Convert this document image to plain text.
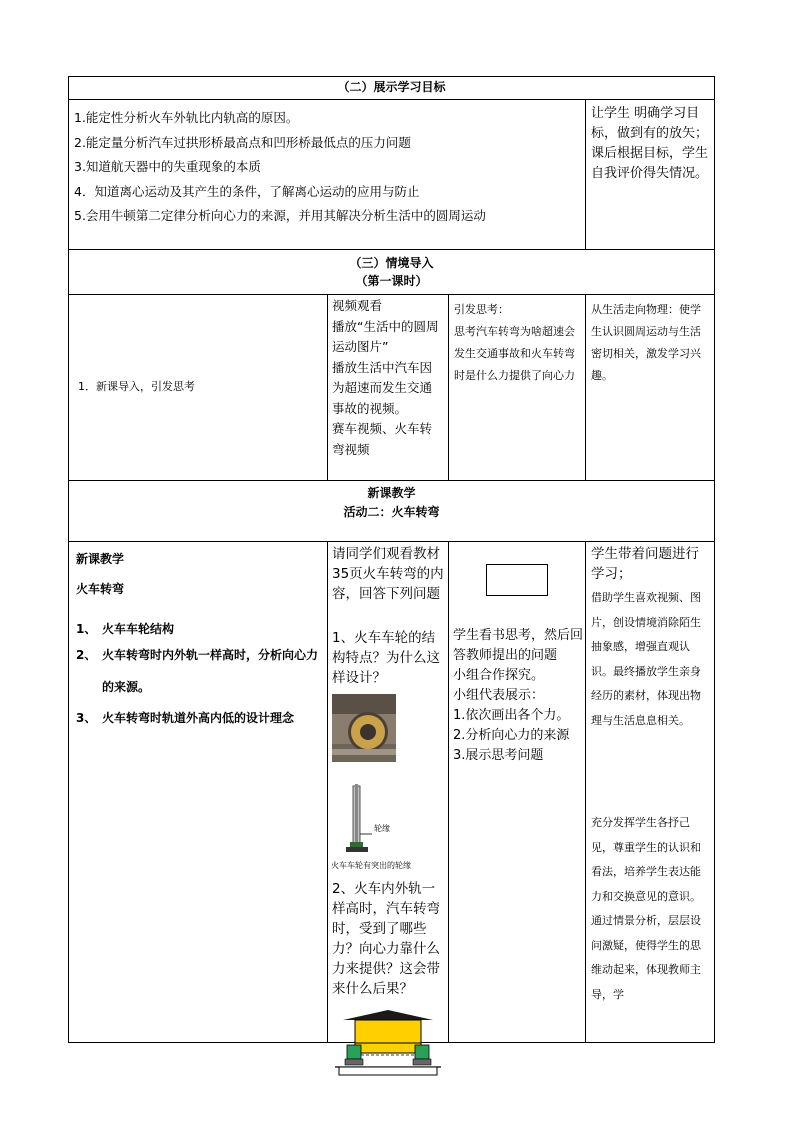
（二）展示学习目标
1.能定性分析火车外轨比内轨高的原因。
2.能定量分析汽车过拱形桥最高点和凹形桥最低点的压力问题
3.知道航天器中的失重现象的本质
4．知道离心运动及其产生的条件，了解离心运动的应用与防止
5.会用牛顿第二定律分析向心力的来源，并用其解决分析生活中的圆周运动
让学生 明确学习目标，做到有的放矢；
课后根据目标，学生自我评价得失情况。
（三）情境导入
（第一课时）
1．新课导入，引发思考
视频观看
播放“生活中的圆周运动图片”
播放生活中汽车因为超速而发生交通事故的视频。
赛车视频、火车转弯视频
引发思考：
思考汽车转弯为啥超速会发生交通事故和火车转弯时是什么力提供了向心力
从生活走向物理：使学生认识圆周运动与生活密切相关，激发学习兴趣。
新课教学
活动二：火车转弯
新课教学
火车转弯
1、 火车车轮结构
2、 火车转弯时内外轨一样高时，分析向心力的来源。
3、 火车转弯时轨道外高内低的设计理念
请同学们观看教材35页火车转弯的内容，回答下列问题
1、火车车轮的结构特点？为什么这样设计？
轮缘
火车车轮有突出的轮缘
2、火车内外轨一样高时，汽车转弯时，受到了哪些力？向心力靠什么力来提供？这会带来什么后果？
学生看书思考，然后回答教师提出的问题
小组合作探究。
小组代表展示：
1.依次画出各个力。
2.分析向心力的来源
3.展示思考问题
学生带着问题进行学习；
借助学生喜欢视频、图片，创设情境消除陌生抽象感，增强直观认识。最终播放学生亲身经历的素材，体现出物理与生活息息相关。
充分发挥学生各抒己见，尊重学生的认识和看法，培养学生表达能力和交换意见的意识。
通过情景分析，层层设问激疑，使得学生的思维动起来，体现教师主导，学
